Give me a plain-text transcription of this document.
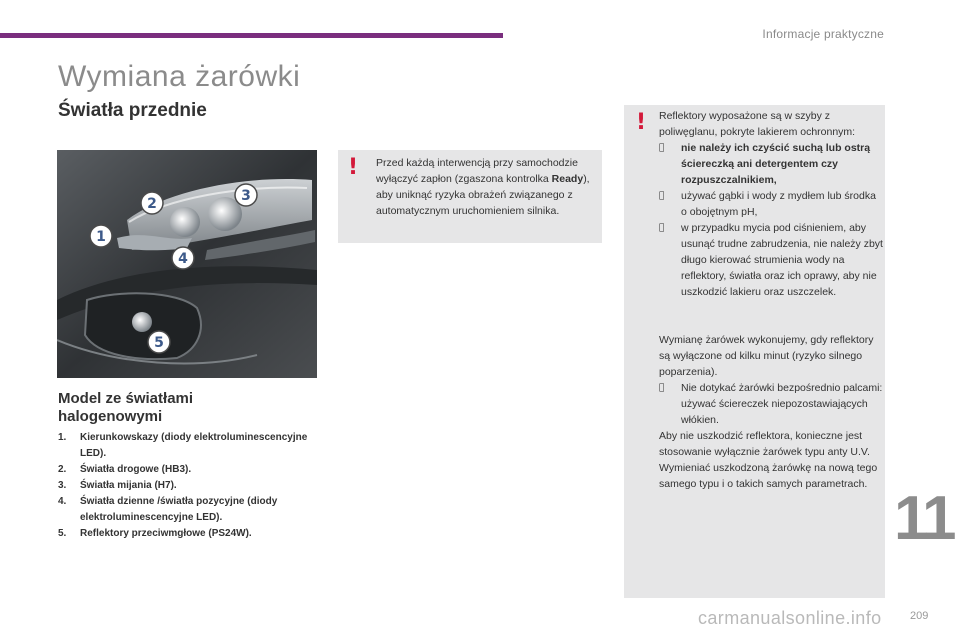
Informacje praktyczne
Wymiana żarówki
Światła przednie
1
2	3
4
5
Model ze światłami halogenowymi
1.	Kierunkowskazy (diody elektroluminescencyjne LED).
2.	Światła drogowe (HB3).
3.	Światła mijania (H7).
4.	Światła dzienne /światła pozycyjne (diody elektroluminescencyjne LED).
5.	Reflektory przeciwmgłowe (PS24W).
! Przed każdą interwencją przy samochodzie wyłączyć zapłon (zgaszona kontrolka Ready), aby uniknąć ryzyka obrażeń związanego z automatycznym uruchomieniem silnika.

! Reflektory wyposażone są w szyby z poliwęglanu, pokryte lakierem ochronnym:

nie należy ich czyścić suchą lub ostrą ściereczką ani detergentem czy rozpuszczalnikiem,
używać gąbki i wody z mydłem lub środka o obojętnym pH,
w przypadku mycia pod ciśnieniem, aby usunąć trudne zabrudzenia, nie należy zbyt długo kierować strumienia wody na reflektory, światła oraz ich oprawy, aby nie uszkodzić lakieru oraz uszczelek.

Wymianę żarówek wykonujemy, gdy reflektory są wyłączone od kilku minut (ryzyko silnego poparzenia).

Nie dotykać żarówki bezpośrednio palcami: używać ściereczek niepozostawiających włókien.

Aby nie uszkodzić reflektora, konieczne jest stosowanie wyłącznie żarówek typu anty U.V.

Wymieniać uszkodzoną żarówkę na nową tego samego typu i o takich samych parametrach. 11
carmanualsonline.info	209
